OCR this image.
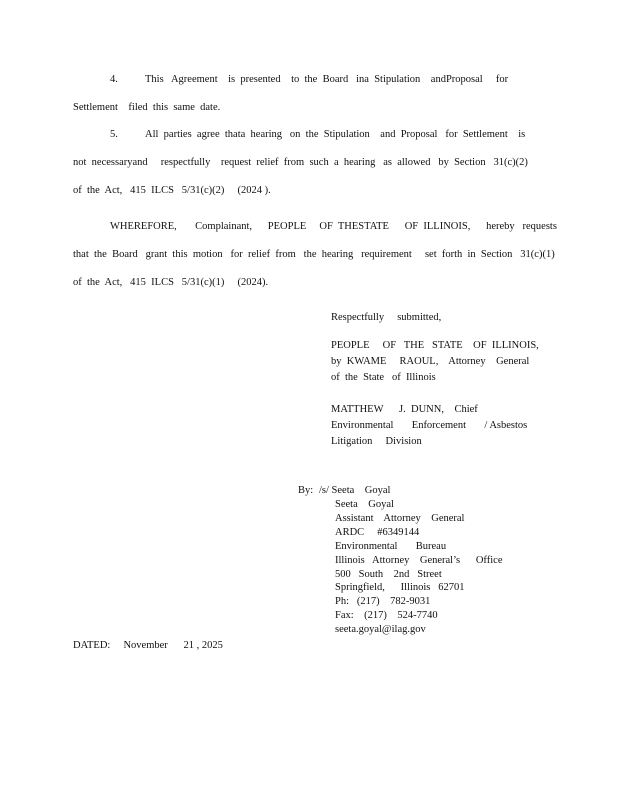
4.	This   Agreement    is  presented    to  the  Board   ina  Stipulation    andProposal     for
Settlement    filed  this  same  date.
5.	All  parties  agree  thata  hearing   on  the  Stipulation    and  Proposal   for  Settlement    is
not  necessaryand     respectfully    request  relief  from  such  a  hearing   as  allowed   by  Section   31(c)(2)
of  the  Act,   415  ILCS   5/31(c)(2)     (2024 ).
WHEREFORE,       Complainant,      PEOPLE     OF  THESTATE      OF  ILLINOIS,      hereby   requests
that  the  Board   grant  this  motion   for  relief  from   the  hearing   requirement     set  forth  in  Section   31(c)(1)
of  the  Act,   415  ILCS   5/31(c)(1)     (2024).
Respectfully     submitted,
PEOPLE     OF   THE   STATE    OF  ILLINOIS,
by  KWAME     RAOUL,    Attorney    General
of  the  State   of  Illinois
MATTHEW      J.  DUNN,    Chief
Environmental       Enforcement       / Asbestos
Litigation     Division
By: /s/ Seeta    Goyal
Seeta    Goyal
Assistant    Attorney    General
ARDC     #6349144
Environmental       Bureau
Illinois   Attorney    General’s      Office
500   South    2nd   Street
Springfield,      Illinois   62701
Ph:   (217)    782-9031
Fax:    (217)    524-7740
seeta.goyal@ilag.gov
DATED:     November      21 , 2025
